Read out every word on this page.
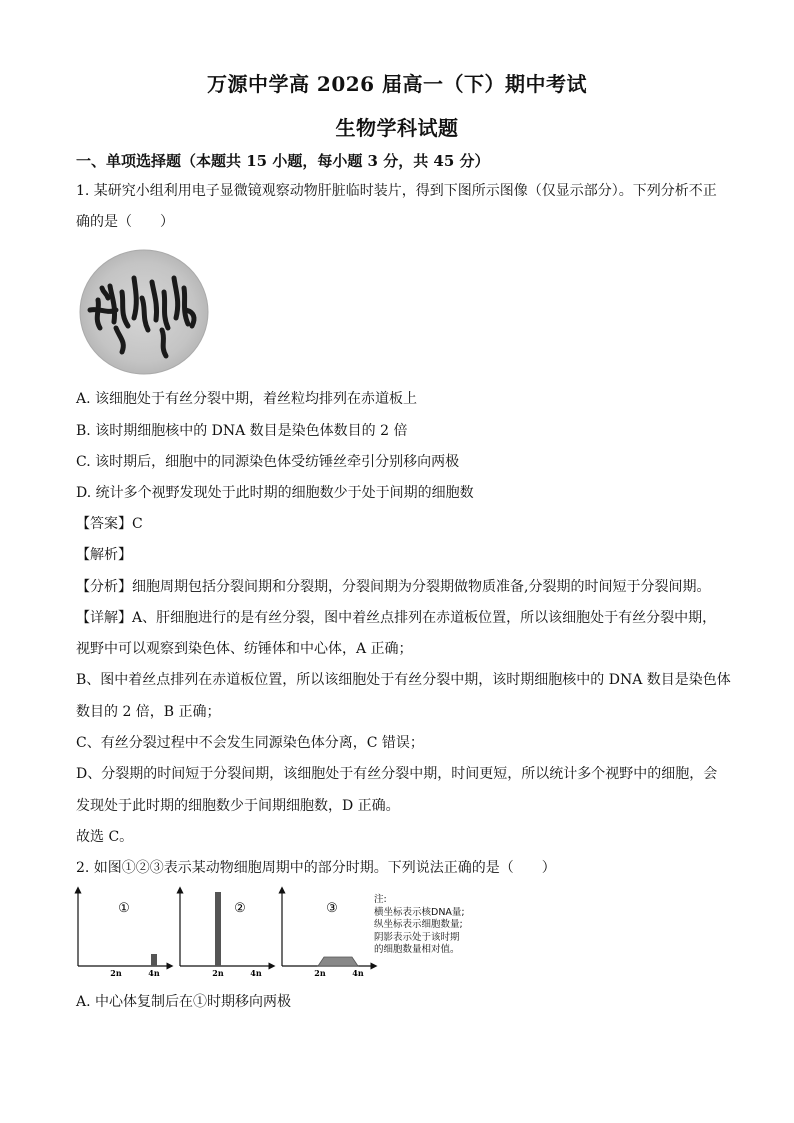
万源中学高 2026 届高一（下）期中考试
生物学科试题
一、单项选择题（本题共 15 小题，每小题 3 分，共 45 分）
1. 某研究小组利用电子显微镜观察动物肝脏临时装片，得到下图所示图像（仅显示部分）。下列分析不正
确的是（　　）
A. 该细胞处于有丝分裂中期，着丝粒均排列在赤道板上
B. 该时期细胞核中的 DNA 数目是染色体数目的 2 倍
C. 该时期后，细胞中的同源染色体受纺锤丝牵引分别移向两极
D. 统计多个视野发现处于此时期的细胞数少于处于间期的细胞数
【答案】C
【解析】
【分析】细胞周期包括分裂间期和分裂期，分裂间期为分裂期做物质准备,分裂期的时间短于分裂间期。
【详解】A、肝细胞进行的是有丝分裂，图中着丝点排列在赤道板位置，所以该细胞处于有丝分裂中期，
视野中可以观察到染色体、纺锤体和中心体，A 正确；
B、图中着丝点排列在赤道板位置，所以该细胞处于有丝分裂中期，该时期细胞核中的 DNA 数目是染色体
数目的 2 倍，B 正确；
C、有丝分裂过程中不会发生同源染色体分离，C 错误；
D、分裂期的时间短于分裂间期，该细胞处于有丝分裂中期，时间更短，所以统计多个视野中的细胞，会
发现处于此时期的细胞数少于间期细胞数，D 正确。
故选 C。
2. 如图①②③表示某动物细胞周期中的部分时期。下列说法正确的是（　　）
①
2n	4n
②
2n	4n
③
2n	4n
注:
横坐标表示核DNA量;
纵坐标表示细胞数量;
阴影表示处于该时期
的细胞数量相对值。
A. 中心体复制后在①时期移向两极
